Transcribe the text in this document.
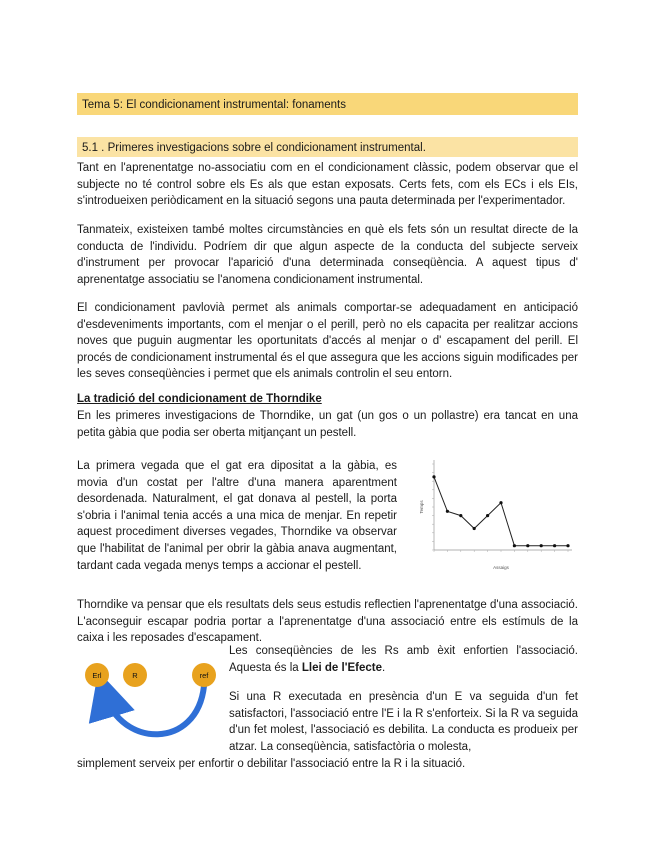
Tema 5: El condicionament instrumental: fonaments
5.1 . Primeres investigacions sobre el condicionament instrumental.
Tant en l'aprenentatge no-associatiu com en el condicionament clàssic, podem observar que el subjecte no té control sobre els Es als que estan exposats. Certs fets, com els ECs i els EIs, s'introdueixen periòdicament en la situació segons una pauta determinada per l'experimentador.
Tanmateix, existeixen també moltes circumstàncies en què els fets són un resultat directe de la conducta de l'individu. Podríem dir que algun aspecte de la conducta del subjecte serveix d'instrument per provocar l'aparició d'una determinada conseqüència. A aquest tipus d' aprenentatge associatiu se l'anomena condicionament instrumental.
El condicionament pavlovià permet als animals comportar-se adequadament en anticipació d'esdeveniments importants, com el menjar o el perill, però no els capacita per realitzar accions noves que puguin augmentar les oportunitats d'accés al menjar o d' escapament del perill. El procés de condicionament instrumental és el que assegura que les accions siguin modificades per les seves conseqüències i permet que els animals controlin el seu entorn.
La tradició del condicionament de Thorndike
En les primeres investigacions de Thorndike, un gat (un gos o un pollastre) era tancat en una petita gàbia que podia ser oberta mitjançant un pestell.
La primera vegada que el gat era dipositat a la gàbia, es movia d'un costat per l'altre d'una manera aparentment desordenada. Naturalment, el gat donava al pestell, la porta s'obria i l'animal tenia accés a una mica de menjar. En repetir aquest procediment diverses vegades, Thorndike va observar que l'habilitat de l'animal per obrir la gàbia anava augmentant, tardant cada vegada menys temps a accionar el pestell.	Assaigs
Temps
Thorndike va pensar que els resultats dels seus estudis reflectien l'aprenentatge d'una associació. L'aconseguir escapar podria portar a l'aprenentatge d'una associació entre els estímuls de la caixa i les reposades d'escapament.
Erl	R	ref
Les conseqüències de les Rs amb èxit enfortien l'associació. Aquesta és la Llei de l'Efecte.
Si una R executada en presència d'un E va seguida d'un fet satisfactori, l'associació entre l'E i la R s'enforteix. Si la R va seguida d'un fet molest, l'associació es debilita. La conducta es produeix per atzar. La conseqüència, satisfactòria o molesta,
simplement serveix per enfortir o debilitar l'associació entre la R i la situació.
